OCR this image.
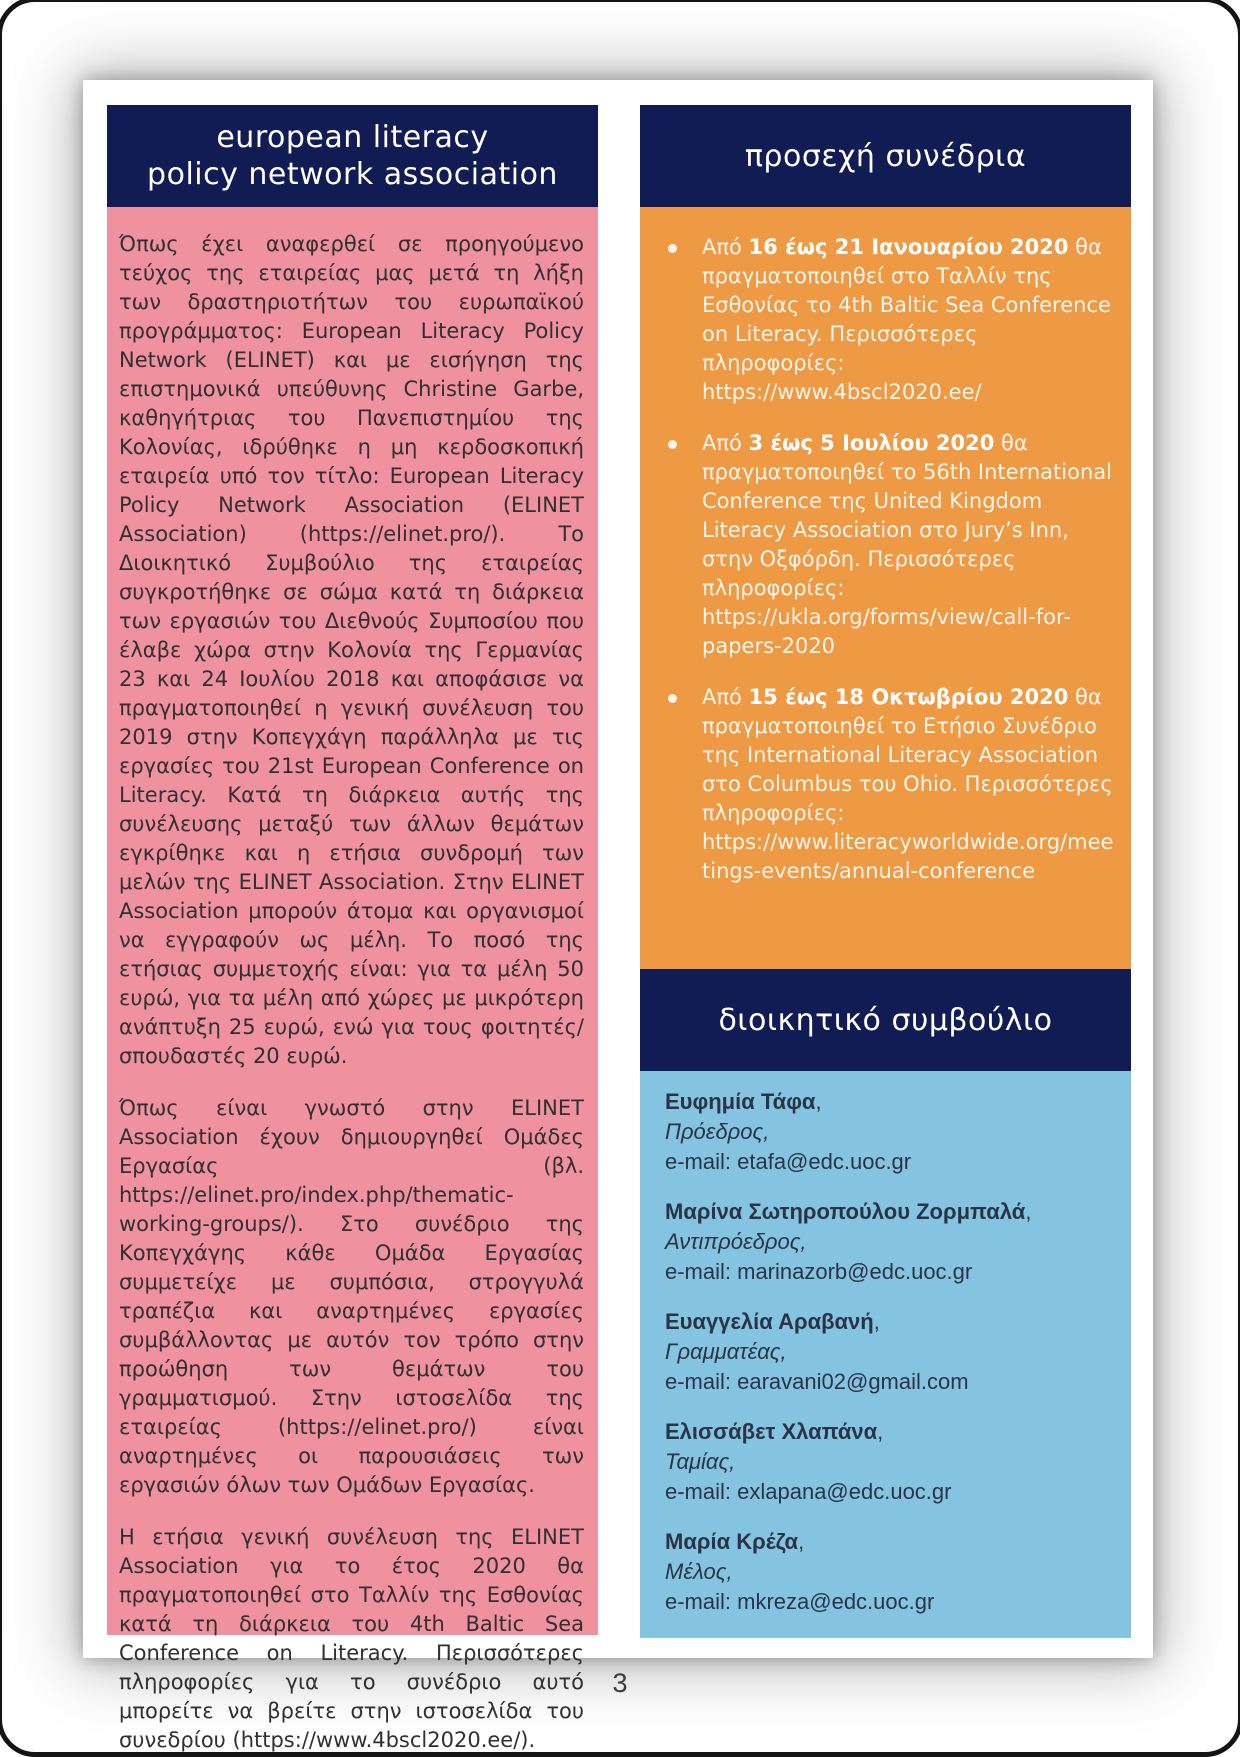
european literacy
policy network association

Όπως έχει αναφερθεί σε προηγούμενο τεύχος της εταιρείας μας μετά τη λήξη των δραστηριοτήτων του ευρωπαϊκού προγράμματος: European Literacy Policy Network (ELINET) και με εισήγηση της επιστημονικά υπεύθυνης Christine Garbe, καθηγήτριας του Πανεπιστημίου της Κολονίας, ιδρύθηκε η μη κερδοσκοπική εταιρεία υπό τον τίτλο: European Literacy Policy Network Association (ELINET Association) (https://elinet.pro/). Το Διοικητικό Συμβούλιο της εταιρείας συγκροτήθηκε σε σώμα κατά τη διάρκεια των εργασιών του Διεθνούς Συμποσίου που έλαβε χώρα στην Κολονία της Γερμανίας 23 και 24 Ιουλίου 2018 και αποφάσισε να πραγματοποιηθεί η γενική συνέλευση του 2019 στην Κοπεγχάγη παράλληλα με τις εργασίες του 21st European Conference on Literacy. Κατά τη διάρκεια αυτής της συνέλευσης μεταξύ των άλλων θεμάτων εγκρίθηκε και η ετήσια συνδρομή των μελών της ELINET Association. Στην ELINET Association μπορούν άτομα και οργανισμοί να εγγραφούν ως μέλη. Το ποσό της ετήσιας συμμετοχής είναι: για τα μέλη 50 ευρώ, για τα μέλη από χώρες με μικρότερη ανάπτυξη 25 ευρώ, ενώ για τους φοιτητές/ σπουδαστές 20 ευρώ.

Όπως είναι γνωστό στην ELINET Association έχουν δημιουργηθεί Ομάδες Εργασίας (βλ. https://elinet.pro/index.php/thematic-working-groups/). Στο συνέδριο της Κοπεγχάγης κάθε Ομάδα Εργασίας συμμετείχε με συμπόσια, στρογγυλά τραπέζια και αναρτημένες εργασίες συμβάλλοντας με αυτόν τον τρόπο στην προώθηση των θεμάτων του γραμματισμού. Στην ιστοσελίδα της εταιρείας (https://elinet.pro/) είναι αναρτημένες οι παρουσιάσεις των εργασιών όλων των Ομάδων Εργασίας.

Η ετήσια γενική συνέλευση της ELINET Association για το έτος 2020 θα πραγματοποιηθεί στο Ταλλίν της Εσθονίας κατά τη διάρκεια του 4th Baltic Sea Conference on Literacy. Περισσότερες πληροφορίες για το συνέδριο αυτό μπορείτε να βρείτε στην ιστοσελίδα του συνεδρίου (https://www.4bscl2020.ee/).

προσεχή συνέδρια
Από 16 έως 21 Ιανουαρίου 2020 θα πραγματοποιηθεί στο Ταλλίν της Εσθονίας το 4th Baltic Sea Conference on Literacy. Περισσότερες πληροφορίες: https://www.4bscl2020.ee/
Από 3 έως 5 Ιουλίου 2020 θα πραγματοποιηθεί το 56th International Conference της United Kingdom Literacy Association στο Jury’s Inn, στην Οξφόρδη. Περισσότερες πληροφορίες: https://ukla.org/forms/view/call-for-papers-2020
Από 15 έως 18 Οκτωβρίου 2020 θα πραγματοποιηθεί το Ετήσιο Συνέδριο της International Literacy Association στο Columbus του Ohio. Περισσότερες πληροφορίες: https://www.literacyworldwide.org/meetings-events/annual-conference
διοικητικό συμβούλιο
Ευφημία Τάφα,
Πρόεδρος,
e-mail: etafa@edc.uoc.gr
Μαρίνα Σωτηροπούλου Ζορμπαλά,
Αντιπρόεδρος,
e-mail: marinazorb@edc.uoc.gr
Ευαγγελία Αραβανή,
Γραμματέας,
e-mail: earavani02@gmail.com
Ελισσάβετ Χλαπάνα,
Ταμίας,
e-mail: exlapana@edc.uoc.gr
Μαρία Κρέζα,
Μέλος,
e-mail: mkreza@edc.uoc.gr
3
